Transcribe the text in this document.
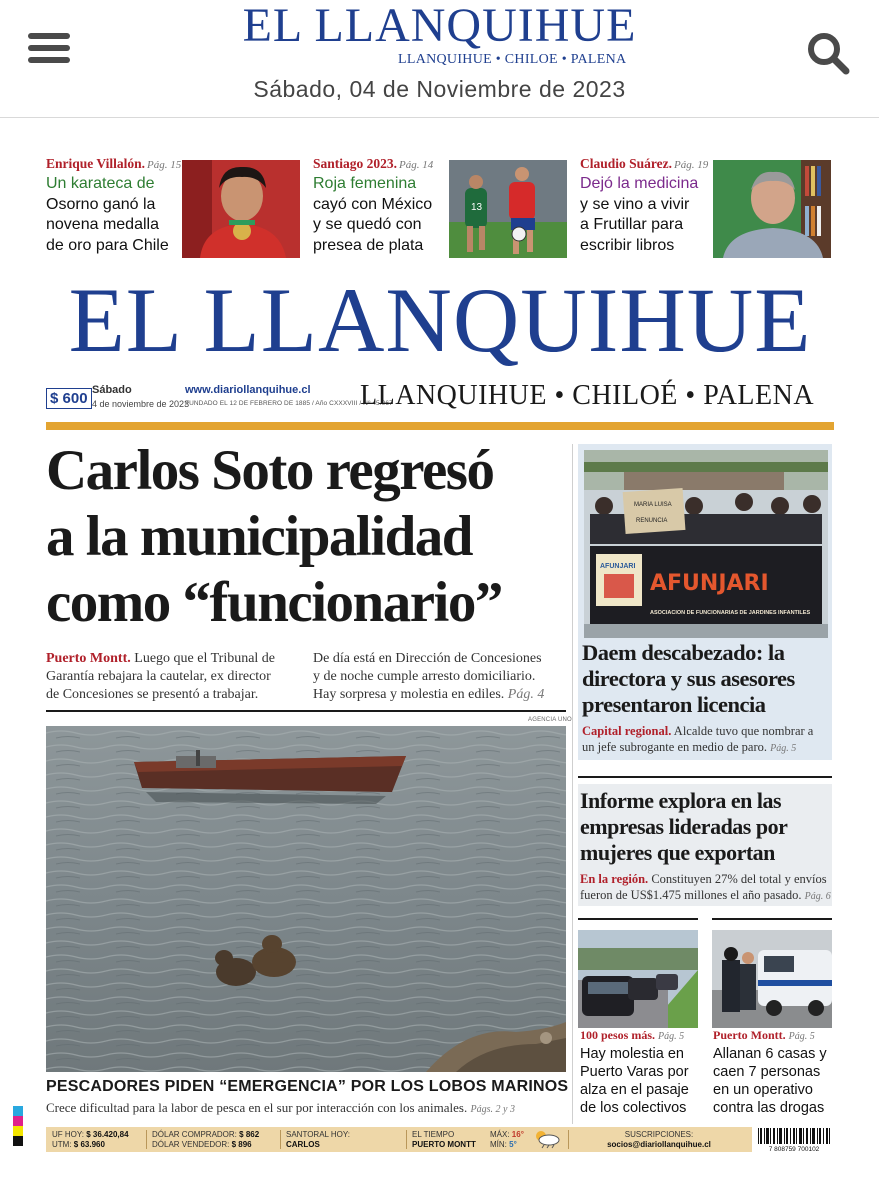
EL LLANQUIHUE
LLANQUIHUE • CHILOE • PALENA
Sábado, 04 de Noviembre de 2023
Enrique Villalón. Pág. 15
Un karateca de
Osorno ganó la
novena medalla
de oro para Chile
Santiago 2023. Pág. 14
Roja femenina
cayó con México
y se quedó con
presea de plata
13
Claudio Suárez. Pág. 19
Dejó la medicina
y se vino a vivir
a Frutillar para
escribir libros
EL LLANQUIHUE
$ 600 Sábado
4 de noviembre de 2023
www.diariollanquihue.cl
FUNDADO EL 12 DE FEBRERO DE 1885 / Año CXXXVIII / Nº 45.067
LLANQUIHUE • CHILOÉ • PALENA
Carlos Soto regresó
a la municipalidad
como “funcionario”
Puerto Montt. Luego que el Tribunal de
Garantía rebajara la cautelar, ex director
de Concesiones se presentó a trabajar.
De día está en Dirección de Concesiones
y de noche cumple arresto domiciliario.
Hay sorpresa y molestia en ediles. Pág. 4
AGENCIA UNO
PESCADORES PIDEN “EMERGENCIA” POR LOS LOBOS MARINOS
Crece dificultad para la labor de pesca en el sur por interacción con los animales. Págs. 2 y 3
MARIA LUISA
RENUNCIA
AFUNJARI
AFUNJARI
ASOCIACION DE FUNCIONARIAS DE JARDINES INFANTILES
Daem descabezado: la
directora y sus asesores
presentaron licencia
Capital regional. Alcalde tuvo que nombrar a
un jefe subrogante en medio de paro. Pág. 5
Informe explora en las
empresas lideradas por
mujeres que exportan
En la región. Constituyen 27% del total y envíos
fueron de US$1.475 millones el año pasado. Pág. 6
100 pesos más. Pág. 5
Hay molestia en
Puerto Varas por
alza en el pasaje
de los colectivos
Puerto Montt. Pág. 5
Allanan 6 casas y
caen 7 personas
en un operativo
contra las drogas
UF HOY: $ 36.420,84
UTM: $ 63.960
DÓLAR COMPRADOR: $ 862
DÓLAR VENDEDOR: $ 896
SANTORAL HOY:
CARLOS
EL TIEMPO
PUERTO MONTT
MÁX: 16°
MÍN: 5°
SUSCRIPCIONES:
socios@diariollanquihue.cl
7 808759 700102
